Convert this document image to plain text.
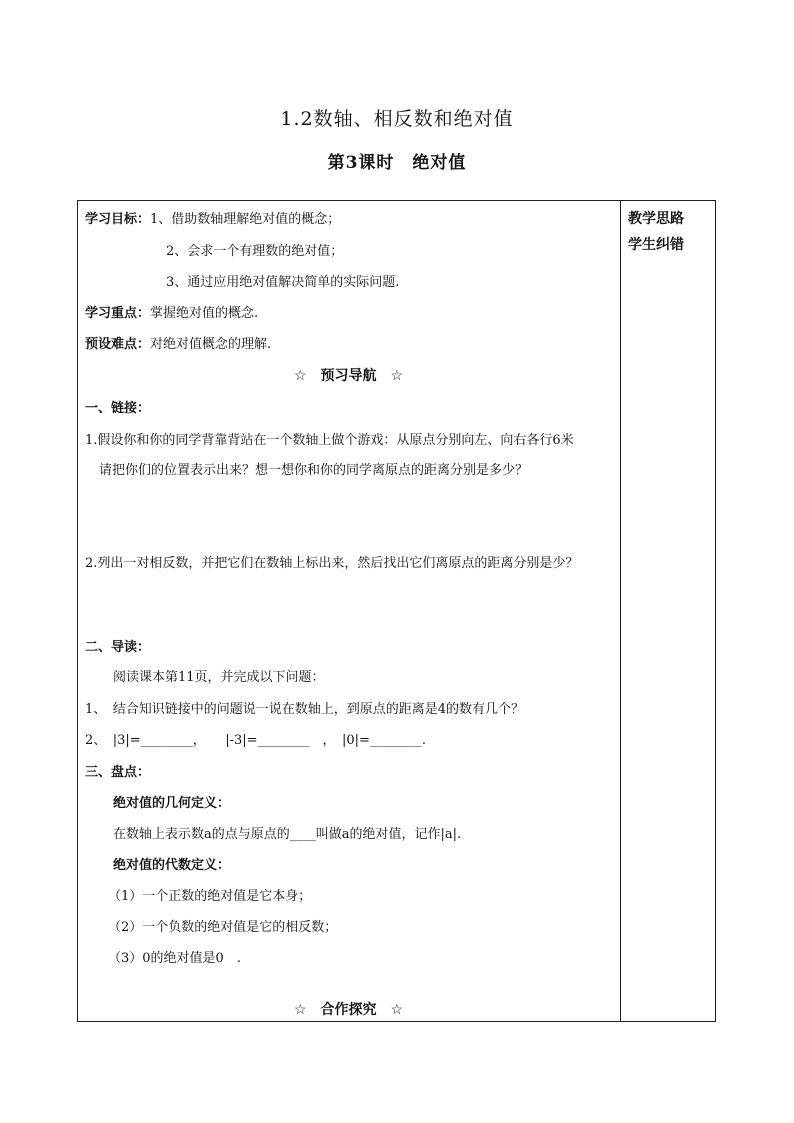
1.2数轴、相反数和绝对值
第3课时　绝对值
教学思路
学生纠错
学习目标：1、借助数轴理解绝对值的概念；
2、会求一个有理数的绝对值；
3、通过应用绝对值解决简单的实际问题.
学习重点：掌握绝对值的概念.
预设难点：对绝对值概念的理解.
☆ 预习导航 ☆
一、链接：
1.假设你和你的同学背靠背站在一个数轴上做个游戏：从原点分别向左、向右各行6米
请把你们的位置表示出来？想一想你和你的同学离原点的距离分别是多少？
2.列出一对相反数，并把它们在数轴上标出来，然后找出它们离原点的距离分别是少？
二、导读：
阅读课本第11页，并完成以下问题：
1、　结合知识链接中的问题说一说在数轴上，到原点的距离是4的数有几个？
2、　|3|=________，　　|-3|=________　，　|0|=________.
三、盘点：
绝对值的几何定义：
在数轴上表示数a的点与原点的____叫做a的绝对值，记作|a|.
绝对值的代数定义：
（1）一个正数的绝对值是它本身；
（2）一个负数的绝对值是它的相反数；
（3）0的绝对值是0　.
☆ 合作探究 ☆
